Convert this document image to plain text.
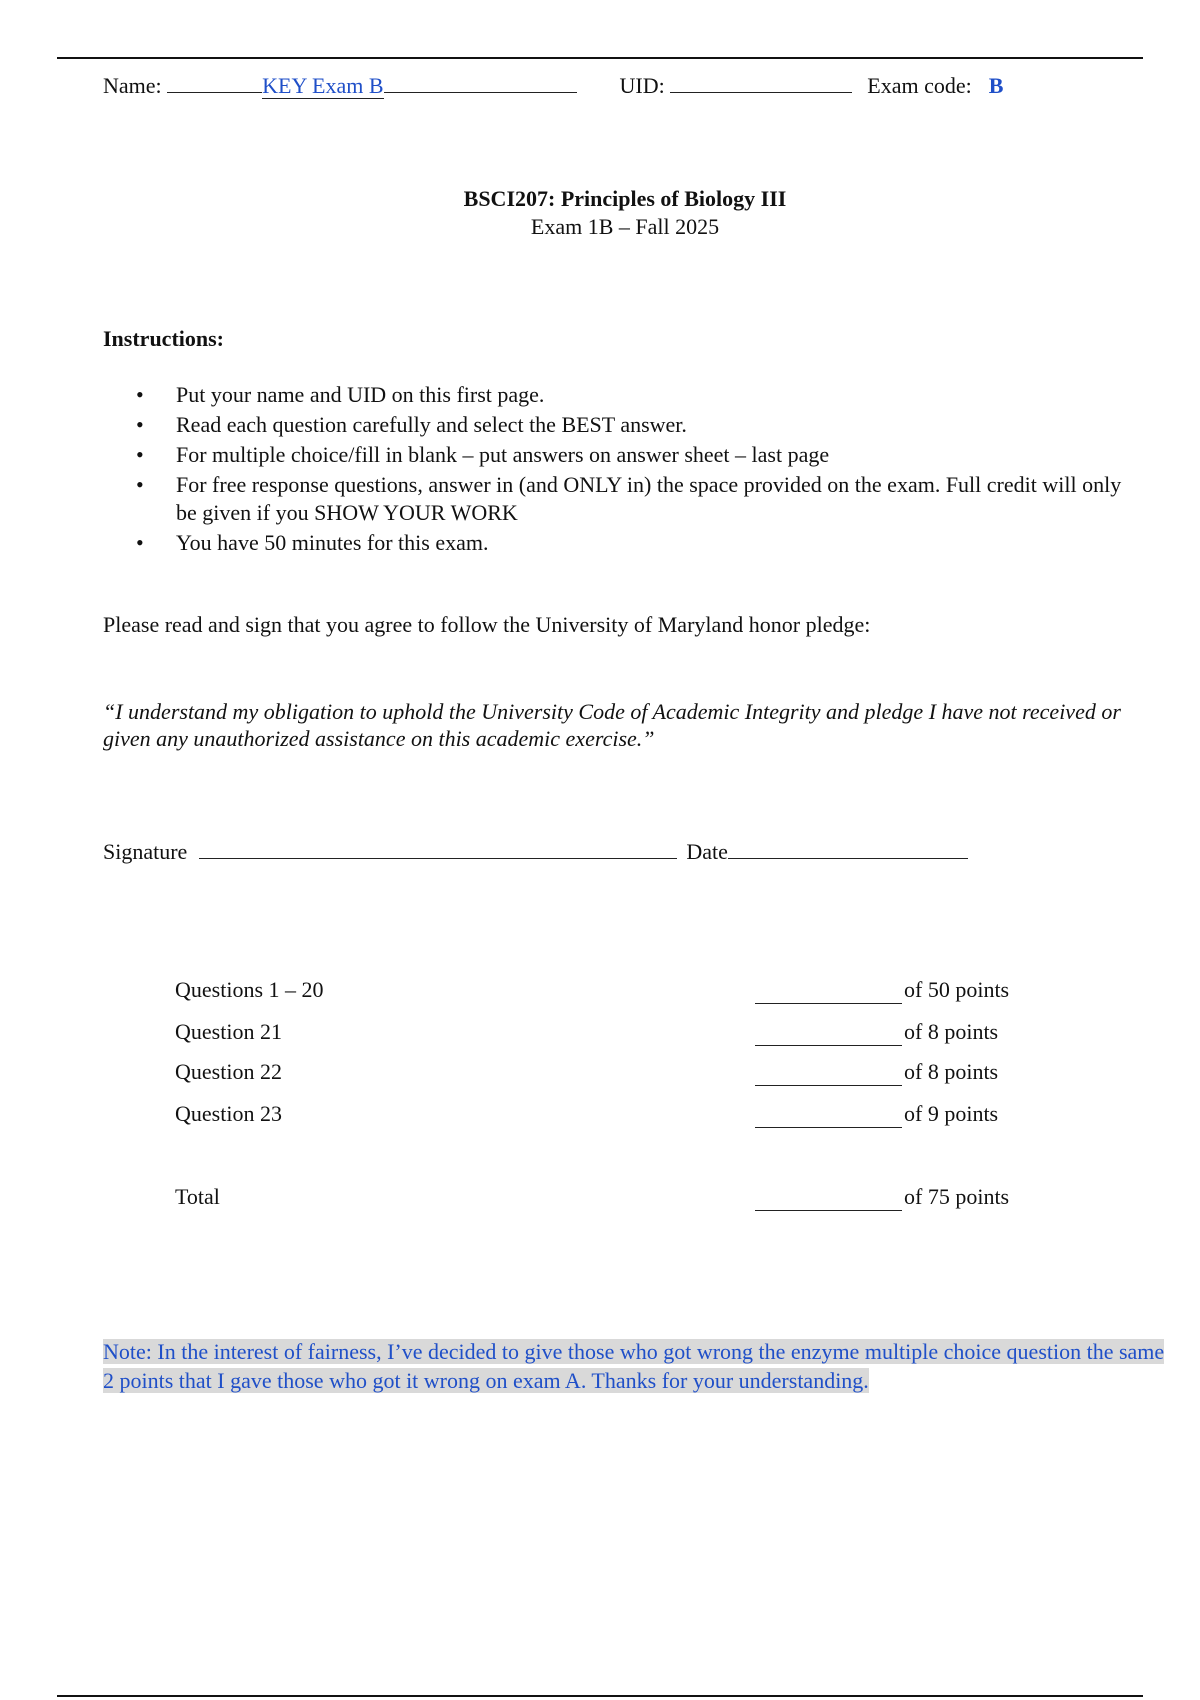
Name:	KEY Exam B	UID:	Exam code: B
BSCI207: Principles of Biology III
Exam 1B – Fall 2025
Instructions:
• Put your name and UID on this first page.
• Read each question carefully and select the BEST answer.
• For multiple choice/fill in blank – put answers on answer sheet – last page
• For free response questions, answer in (and ONLY in) the space provided on the exam. Full credit will only be given if you SHOW YOUR WORK
• You have 50 minutes for this exam.
Please read and sign that you agree to follow the University of Maryland honor pledge:
“I understand my obligation to uphold the University Code of Academic Integrity and pledge I have not received or given any unauthorized assistance on this academic exercise.”
Signature	Date
Questions 1 – 20	of 50 points
Question 21	of 8 points
Question 22	of 8 points
Question 23	of 9 points
Total	of 75 points
Note: In the interest of fairness, I’ve decided to give those who got wrong the enzyme multiple choice question the same 2 points that I gave those who got it wrong on exam A. Thanks for your understanding.
